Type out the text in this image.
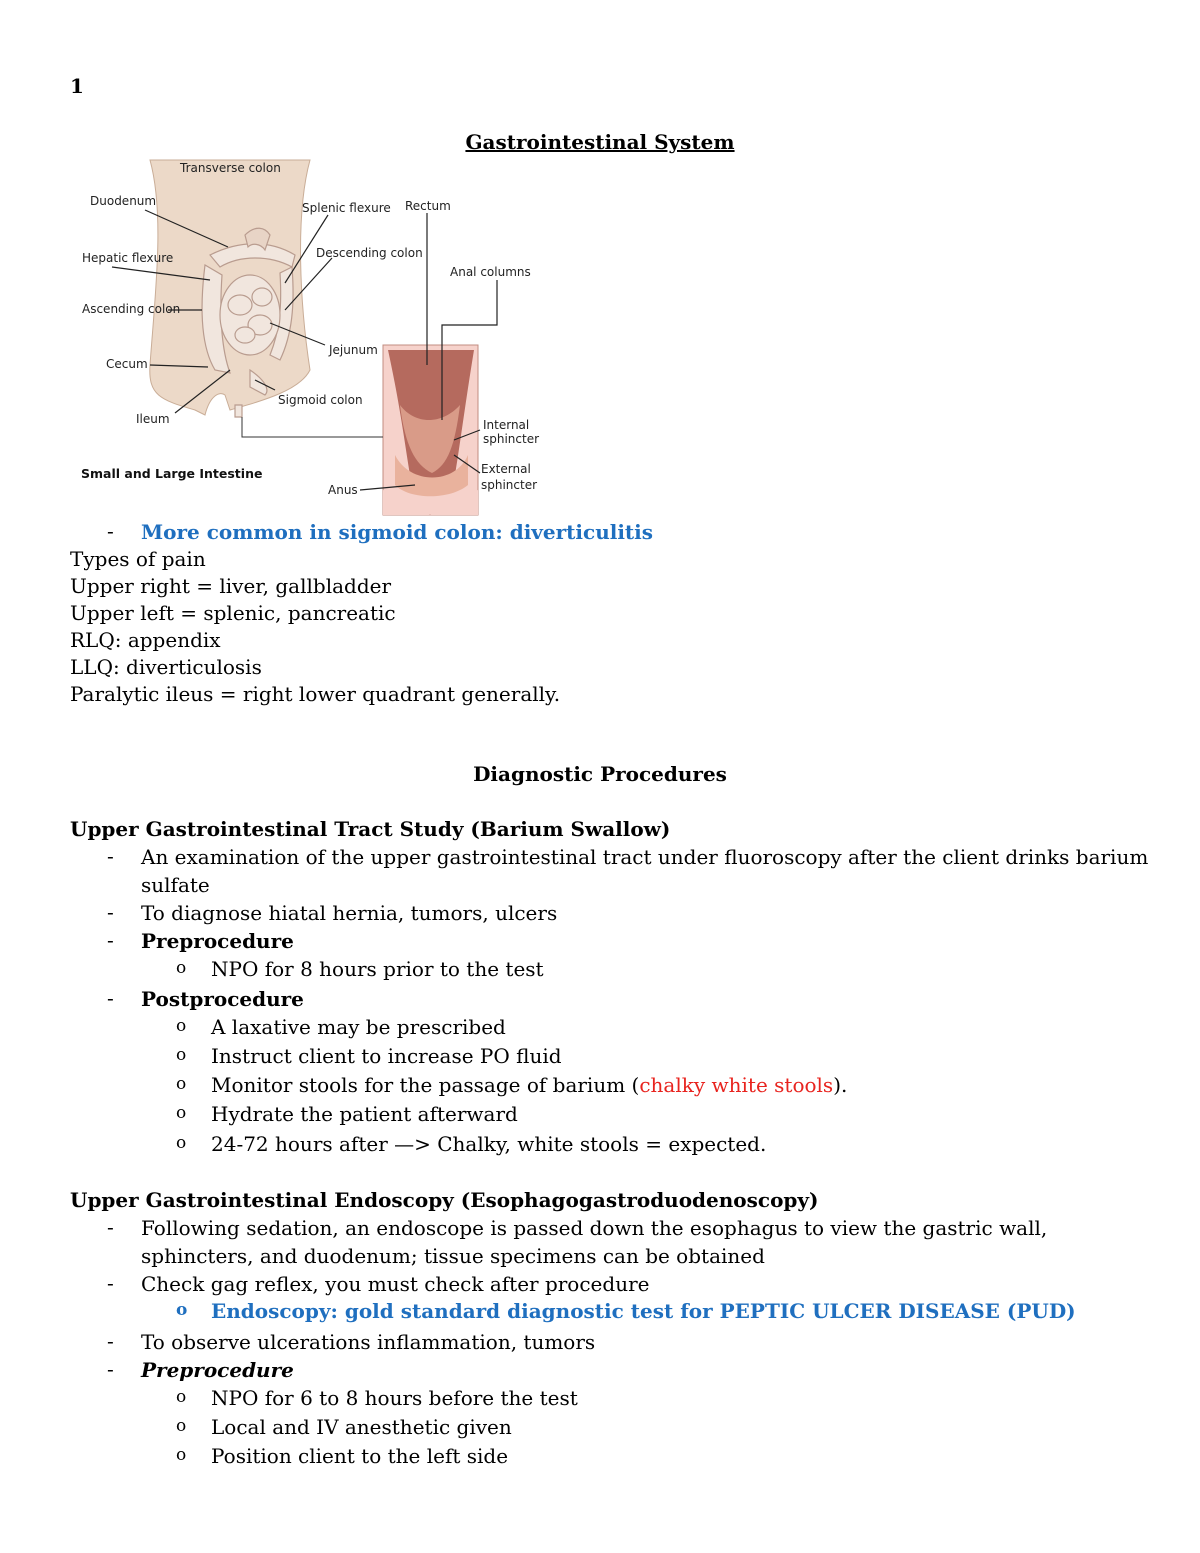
1
Gastrointestinal System
Transverse colon
Duodenum	Splenic flexure Rectum
Hepatic flexure	Descending colon
Anal columns
Ascending colon
Jejunum
Cecum
Ileum
Sigmoid colon
Internal
sphincter
External
sphincter
Anus
Small and Large Intestine
- More common in sigmoid colon: diverticulitis
Types of pain
Upper right = liver, gallbladder
Upper left = splenic, pancreatic
RLQ: appendix
LLQ: diverticulosis
Paralytic ileus = right lower quadrant generally.
Diagnostic Procedures
Upper Gastrointestinal Tract Study (Barium Swallow)
- An examination of the upper gastrointestinal tract under fluoroscopy after the client drinks barium sulfate
- To diagnose hiatal hernia, tumors, ulcers
- Preprocedure
o NPO for 8 hours prior to the test
- Postprocedure
o A laxative may be prescribed
o Instruct client to increase PO fluid
o Monitor stools for the passage of barium (chalky white stools).
o Hydrate the patient afterward
o 24-72 hours after —> Chalky, white stools = expected.
Upper Gastrointestinal Endoscopy (Esophagogastroduodenoscopy)
- Following sedation, an endoscope is passed down the esophagus to view the gastric wall, sphincters, and duodenum; tissue specimens can be obtained
- Check gag reflex, you must check after procedure
o Endoscopy: gold standard diagnostic test for PEPTIC ULCER DISEASE (PUD)
- To observe ulcerations inflammation, tumors
- Preprocedure
o NPO for 6 to 8 hours before the test
o Local and IV anesthetic given
o Position client to the left side
